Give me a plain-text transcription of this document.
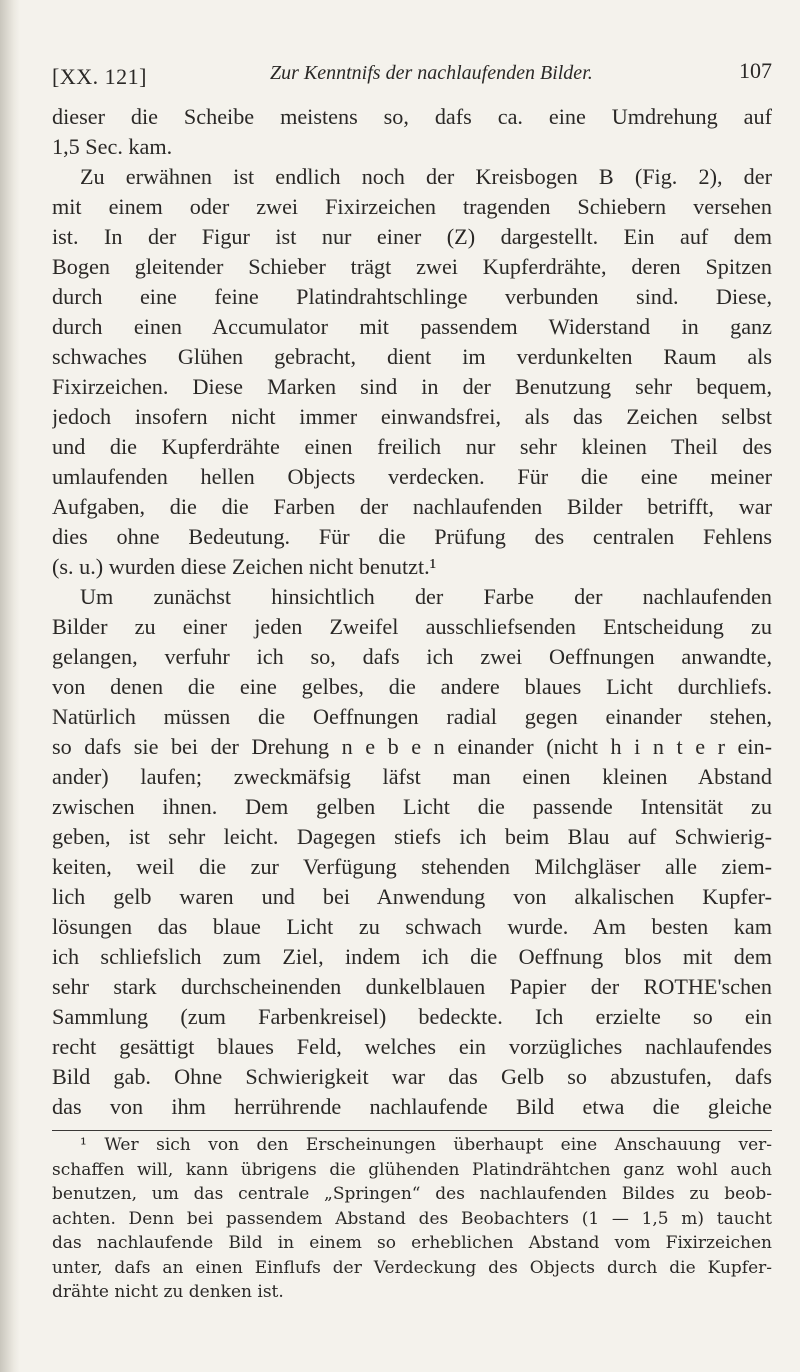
[XX. 121]	Zur Kenntnifs der nachlaufenden Bilder.	107
dieser die Scheibe meistens so, dafs ca. eine Umdrehung auf
1,5 Sec. kam.
Zu erwähnen ist endlich noch der Kreisbogen B (Fig. 2), der
mit einem oder zwei Fixirzeichen tragenden Schiebern versehen
ist. In der Figur ist nur einer (Z) dargestellt. Ein auf dem
Bogen gleitender Schieber trägt zwei Kupferdrähte, deren Spitzen
durch eine feine Platindrahtschlinge verbunden sind. Diese,
durch einen Accumulator mit passendem Widerstand in ganz
schwaches Glühen gebracht, dient im verdunkelten Raum als
Fixirzeichen. Diese Marken sind in der Benutzung sehr bequem,
jedoch insofern nicht immer einwandsfrei, als das Zeichen selbst
und die Kupferdrähte einen freilich nur sehr kleinen Theil des
umlaufenden hellen Objects verdecken. Für die eine meiner
Aufgaben, die die Farben der nachlaufenden Bilder betrifft, war
dies ohne Bedeutung. Für die Prüfung des centralen Fehlens
(s. u.) wurden diese Zeichen nicht benutzt.¹
Um zunächst hinsichtlich der Farbe der nachlaufenden
Bilder zu einer jeden Zweifel ausschliefsenden Entscheidung zu
gelangen, verfuhr ich so, dafs ich zwei Oeffnungen anwandte,
von denen die eine gelbes, die andere blaues Licht durchliefs.
Natürlich müssen die Oeffnungen radial gegen einander stehen,
so dafs sie bei der Drehung n e b e n einander (nicht h i n t e r ein-
ander) laufen; zweckmäfsig läfst man einen kleinen Abstand
zwischen ihnen. Dem gelben Licht die passende Intensität zu
geben, ist sehr leicht. Dagegen stiefs ich beim Blau auf Schwierig-
keiten, weil die zur Verfügung stehenden Milchgläser alle ziem-
lich gelb waren und bei Anwendung von alkalischen Kupfer-
lösungen das blaue Licht zu schwach wurde. Am besten kam
ich schliefslich zum Ziel, indem ich die Oeffnung blos mit dem
sehr stark durchscheinenden dunkelblauen Papier der ROTHE'schen
Sammlung (zum Farbenkreisel) bedeckte. Ich erzielte so ein
recht gesättigt blaues Feld, welches ein vorzügliches nachlaufendes
Bild gab. Ohne Schwierigkeit war das Gelb so abzustufen, dafs
das von ihm herrührende nachlaufende Bild etwa die gleiche
¹ Wer sich von den Erscheinungen überhaupt eine Anschauung ver-
schaffen will, kann übrigens die glühenden Platindrähtchen ganz wohl auch
benutzen, um das centrale „Springen“ des nachlaufenden Bildes zu beob-
achten. Denn bei passendem Abstand des Beobachters (1 — 1,5 m) taucht
das nachlaufende Bild in einem so erheblichen Abstand vom Fixirzeichen
unter, dafs an einen Einflufs der Verdeckung des Objects durch die Kupfer-
drähte nicht zu denken ist.
